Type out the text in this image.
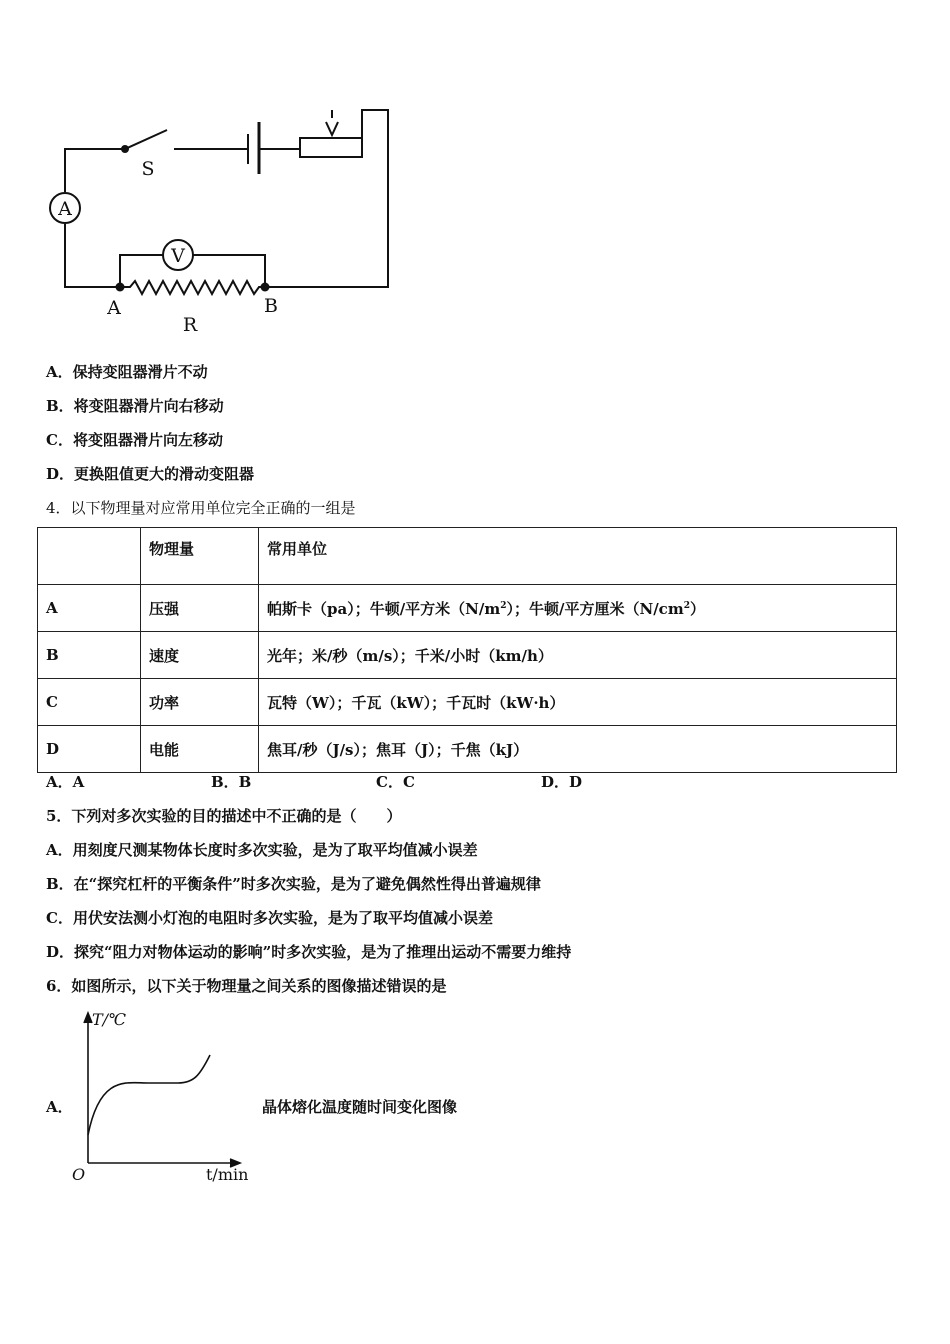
S
A
V
A	B
R
A．保持变阻器滑片不动
B．将变阻器滑片向右移动
C．将变阻器滑片向左移动
D．更换阻值更大的滑动变阻器
4．以下物理量对应常用单位完全正确的一组是
	物理量	常用单位
A	压强	帕斯卡（pa）；牛顿/平方米$(N/m^2)$；牛顿/平方厘米$(N/cm^2)$
B	速度	光年；米/秒（m/s）；千米/小时（km/h）
C	功率	瓦特（W）；千瓦（kW）；千瓦时（kW·h）
D	电能	焦耳/秒（J/s）；焦耳（J）；千焦（kJ）
A．A	B．B	C．C	D．D
5．下列对多次实验的目的描述中不正确的是（　　）
A．用刻度尺测某物体长度时多次实验，是为了取平均值减小误差
B．在“探究杠杆的平衡条件”时多次实验，是为了避免偶然性得出普遍规律
C．用伏安法测小灯泡的电阻时多次实验，是为了取平均值减小误差
D．探究“阻力对物体运动的影响”时多次实验，是为了推理出运动不需要力维持
6．如图所示，以下关于物理量之间关系的图像描述错误的是
A．
T/℃
O	t/min
晶体熔化温度随时间变化图像
